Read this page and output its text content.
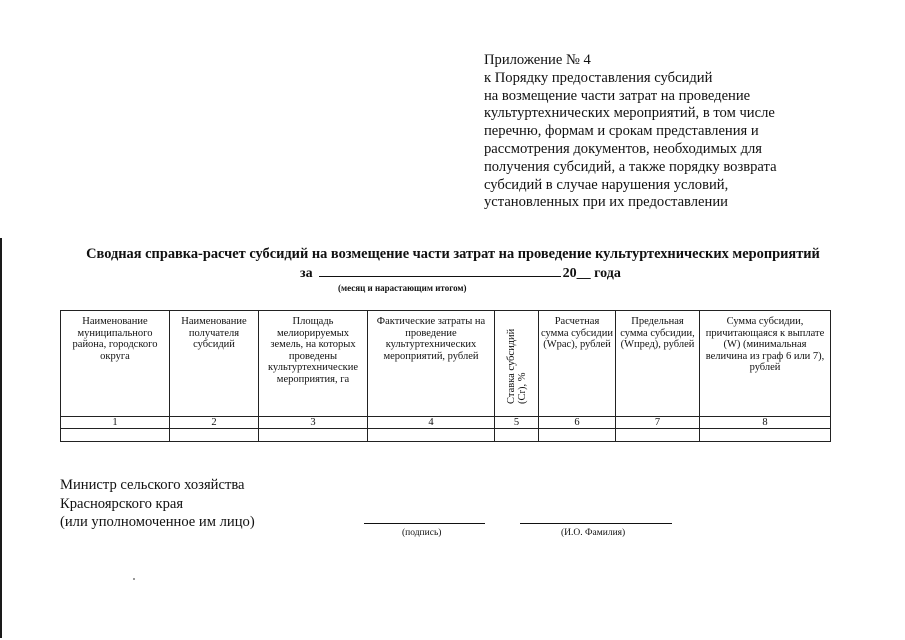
Приложение № 4
к Порядку предоставления субсидий
на возмещение части затрат на проведение
культуртехнических мероприятий, в том числе
перечню, формам и срокам представления и
рассмотрения документов, необходимых для
получения субсидий, а также порядку возврата
субсидий в случае нарушения условий,
установленных при их предоставлении
Сводная справка-расчет субсидий на возмещение части затрат на проведение культуртехнических мероприятий
за	20__ года
(месяц и нарастающим итогом)
Наименование муниципального района, городского округа	Наименование получателя субсидий	Площадь мелиорируемых земель, на которых проведены культуртехнические мероприятия, га	Фактические затраты на проведение культуртехнических мероприятий, рублей	Ставка субсидий (Cr), %	Расчетная сумма субсидии (Wрас), рублей	Предельная сумма субсидии, (Wпред), рублей	Сумма субсидии, причитающаяся к выплате (W) (минимальная величина из граф 6 или 7), рублей
1	2	3	4	5	6	7	8

Министр сельского хозяйства
Красноярского края
(или уполномоченное им лицо)
(подпись)	(И.О. Фамилия)
